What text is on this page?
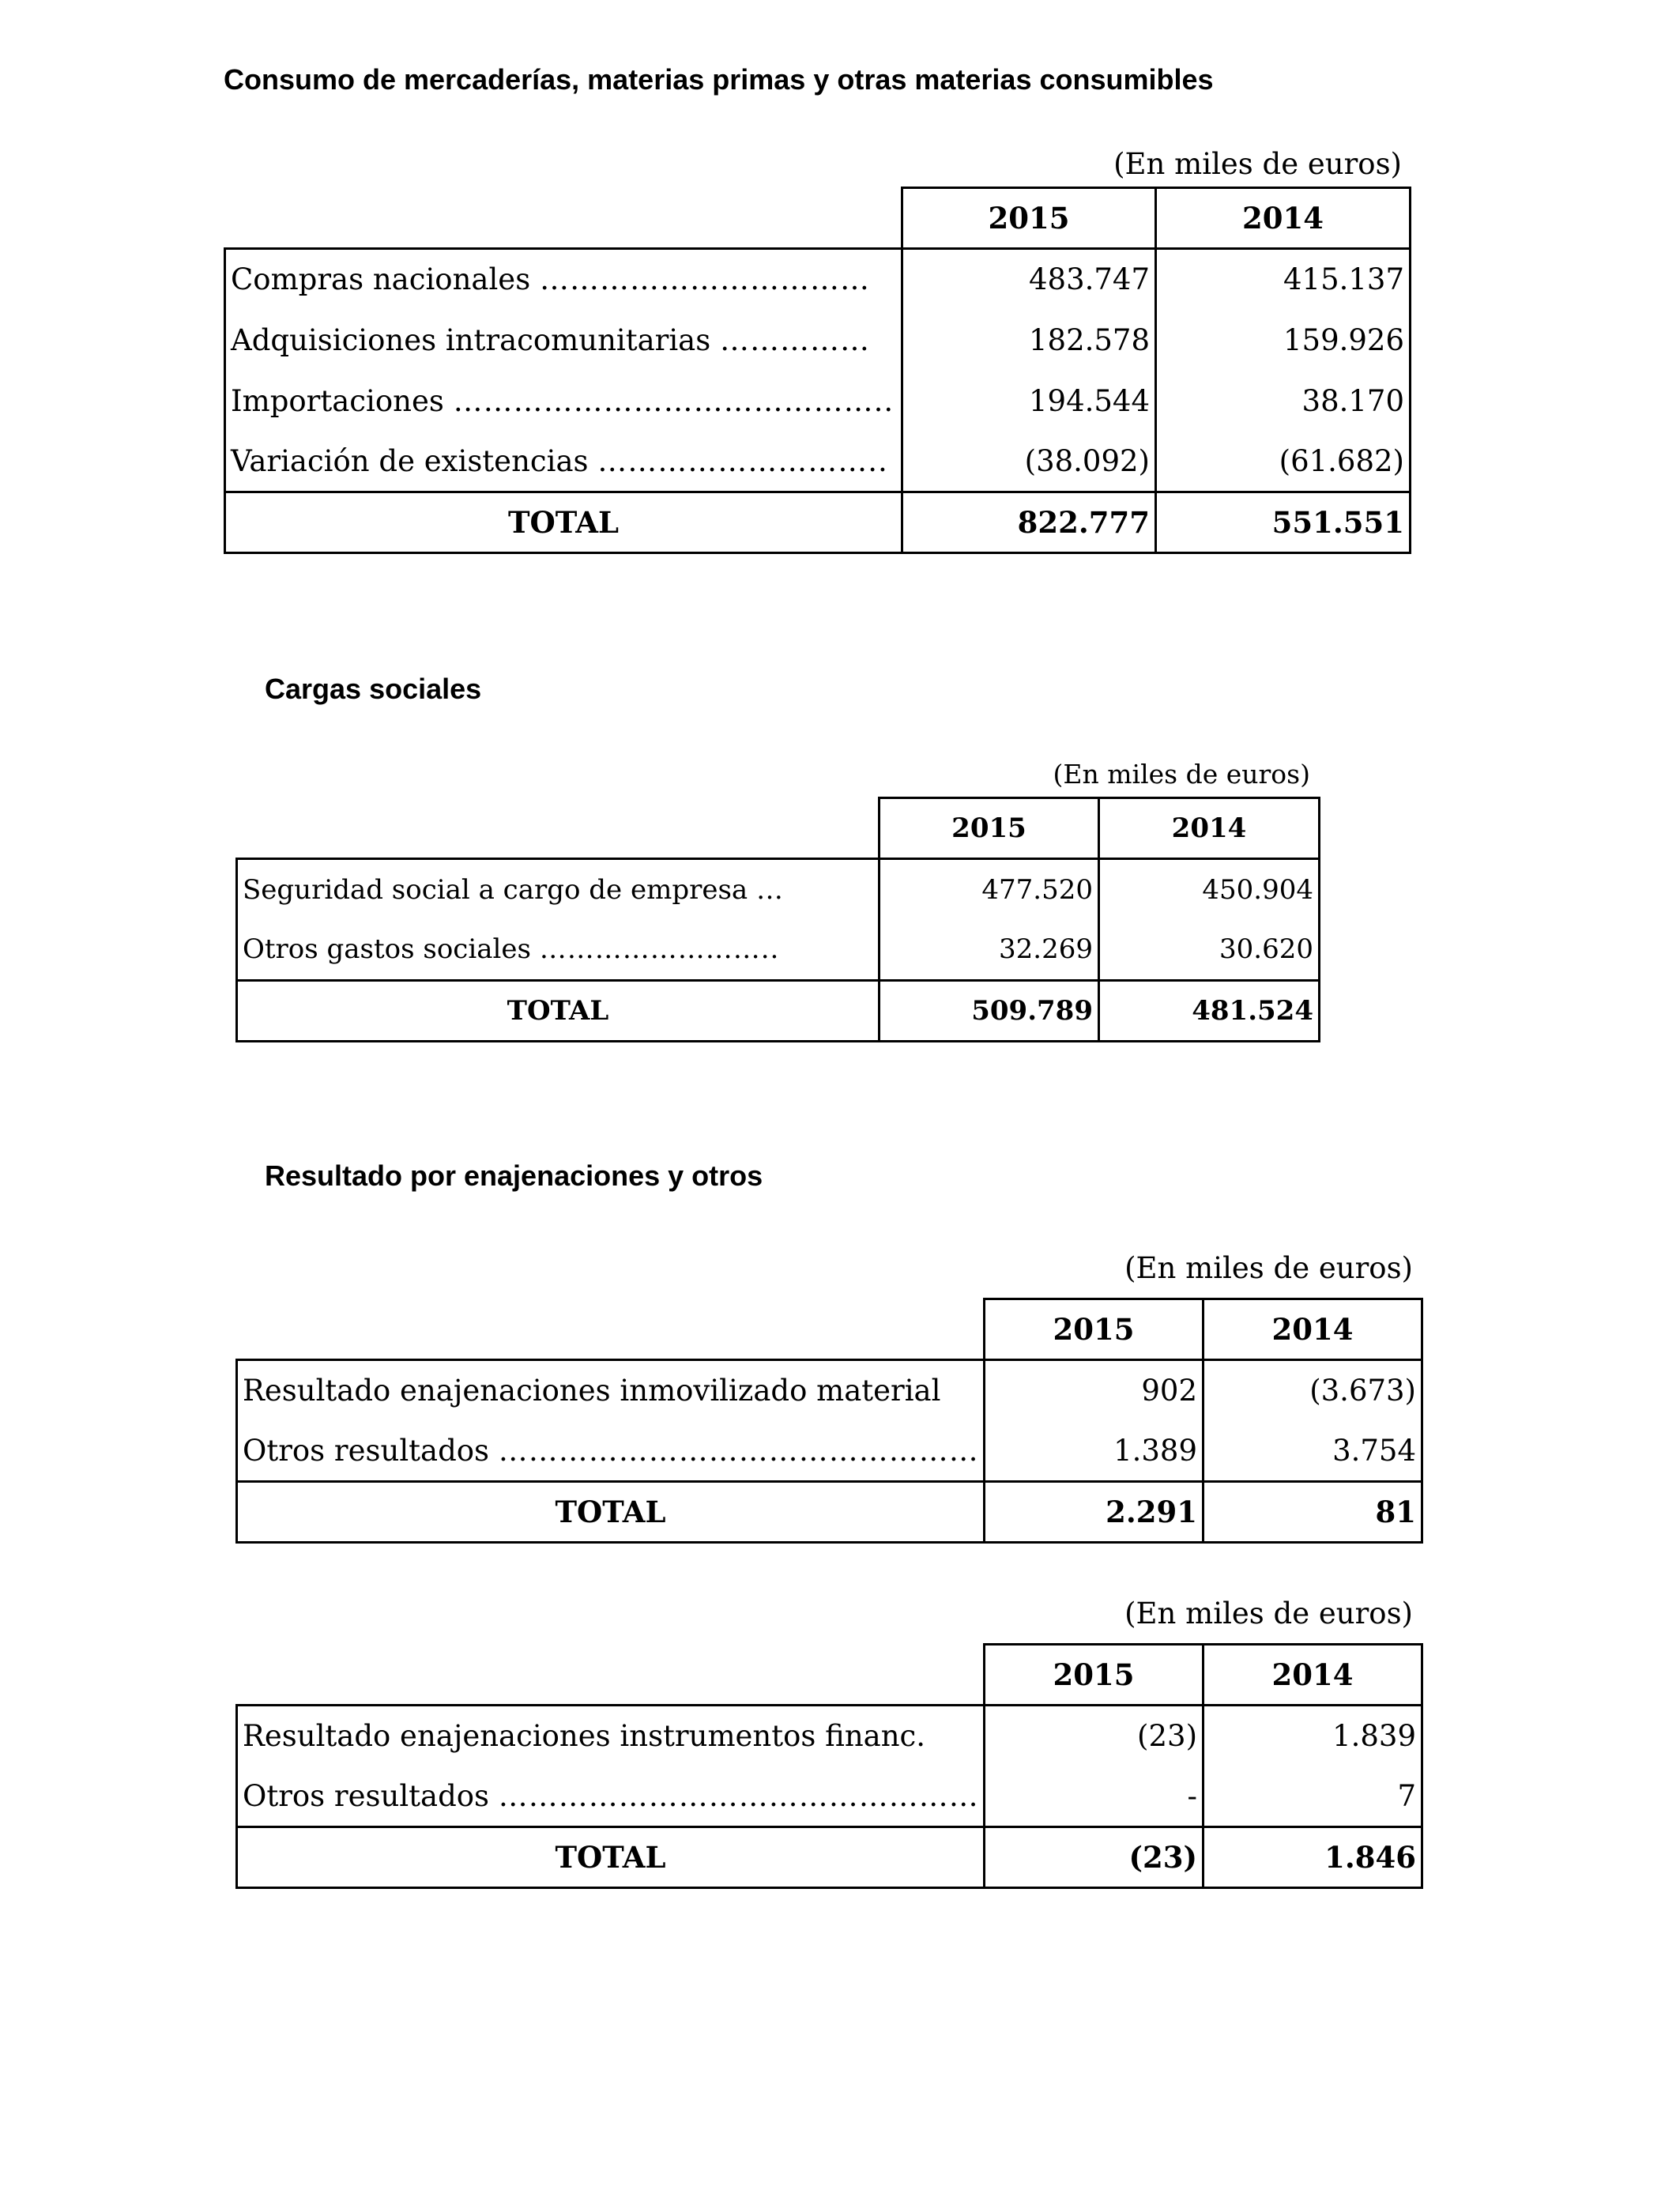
Consumo de mercaderías, materias primas y otras materias consumibles
(En miles de euros)
	2015	2014
Compras nacionales ……………………………	483.747	415.137
Adquisiciones intracomunitarias ……………	182.578	159.926
Importaciones ……………………………………..	194.544	38.170
Variación de existencias ………………………..	(38.092)	(61.682)
TOTAL	822.777	551.551
Cargas sociales
(En miles de euros)
	2015	2014
Seguridad social a cargo de empresa …	477.520	450.904
Otros gastos sociales ……………………..	32.269	30.620
TOTAL	509.789	481.524
Resultado por enajenaciones y otros
(En miles de euros)
	2015	2014
Resultado enajenaciones inmovilizado material	902	(3.673)
Otros resultados …………………………………………	1.389	3.754
TOTAL	2.291	81
(En miles de euros)
	2015	2014
Resultado enajenaciones instrumentos financ.	(23)	1.839
Otros resultados …………………………………………	-	7
TOTAL	(23)	1.846
